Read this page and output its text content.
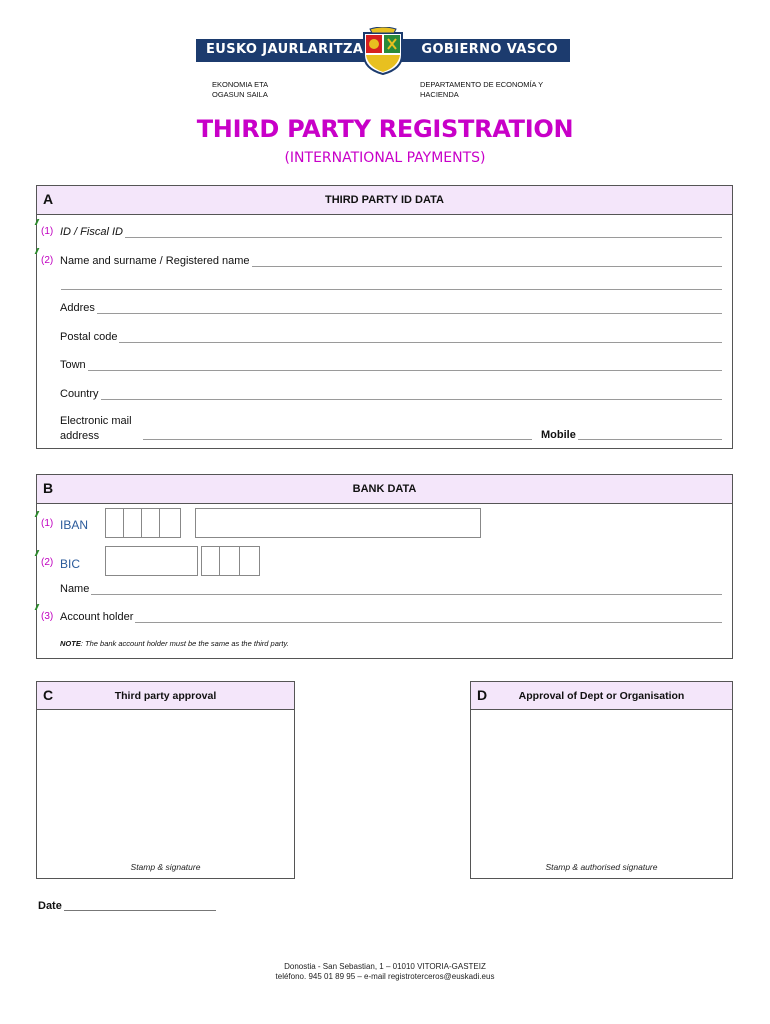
EUSKO JAURLARITZA	GOBIERNO VASCO
EKONOMIA ETA
OGASUN SAILA
DEPARTAMENTO DE ECONOMÍA Y
HACIENDA
THIRD PARTY REGISTRATION
(INTERNATIONAL PAYMENTS)
A	THIRD PARTY ID DATA
(1) ID / Fiscal ID
(2) Name and surname / Registered name
Addres
Postal code
Town
Country
Electronic mail
address	Mobile
B	BANK DATA
(1) IBAN
(2) BIC
Name
(3) Account holder
NOTE: The bank account holder must be the same as the third party.
C	Third party approval
Stamp & signature
D	Approval of Dept or Organisation
Stamp & authorised signature
Date
Donostia - San Sebastian, 1 – 01010 VITORIA-GASTEIZ
teléfono. 945 01 89 95 – e-mail registroterceros@euskadi.eus
